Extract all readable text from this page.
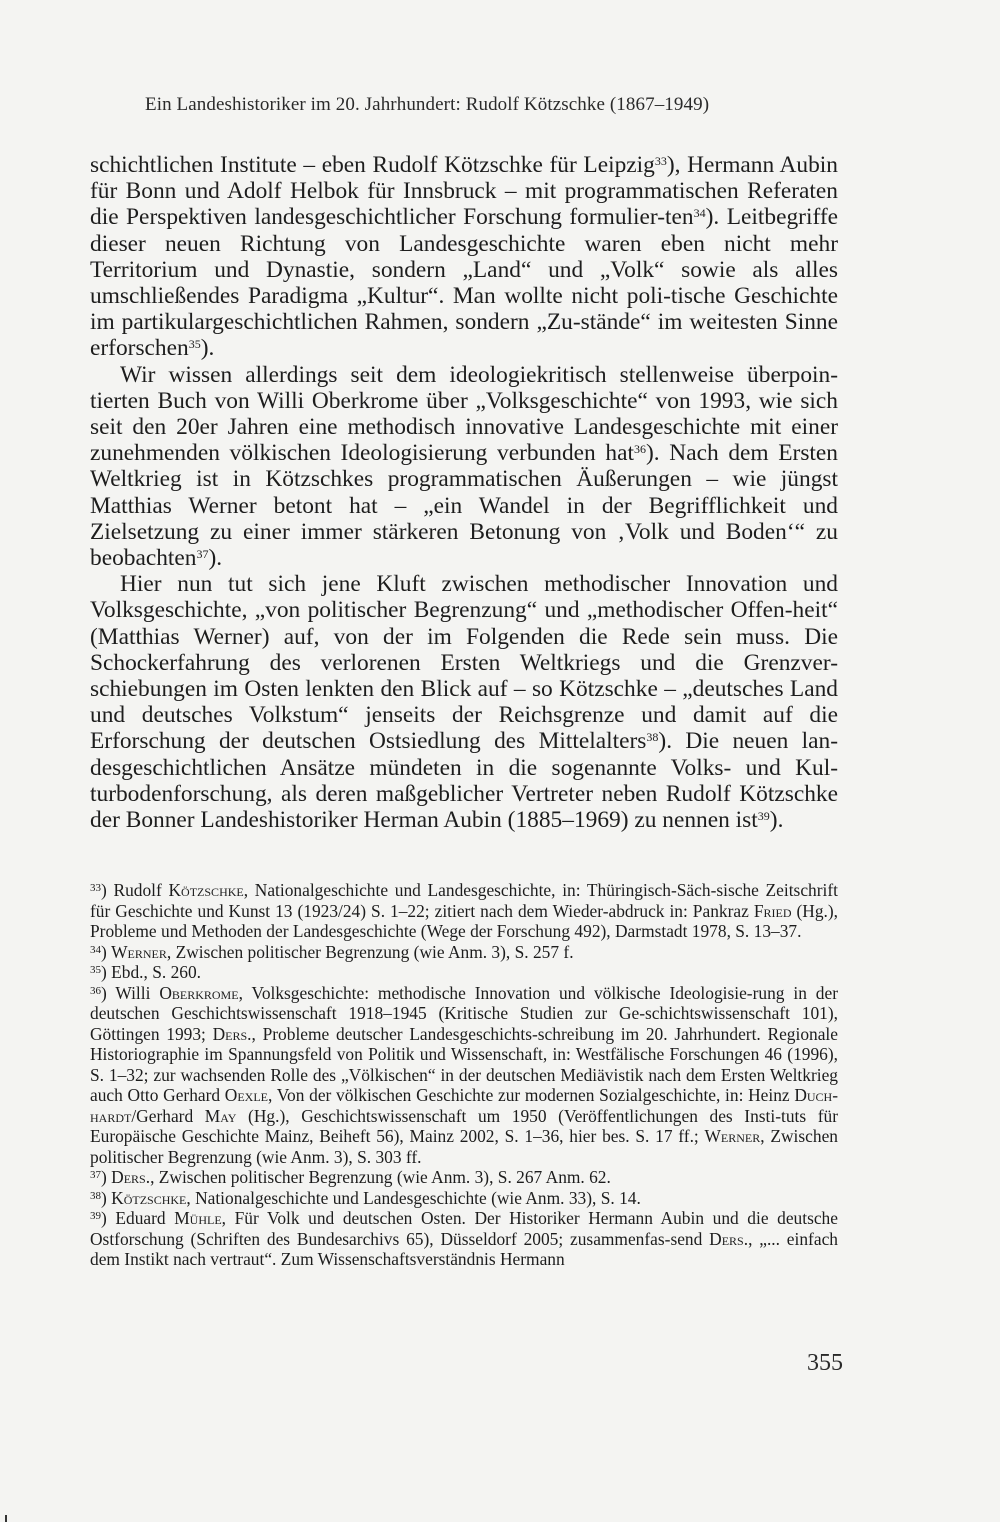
Ein Landeshistoriker im 20. Jahrhundert: Rudolf Kötzschke (1867–1949)

schichtlichen Institute – eben Rudolf Kötzschke für Leipzig$^{33}$), Hermann Aubin für Bonn und Adolf Helbok für Innsbruck – mit programmatischen Referaten die Perspektiven landesgeschichtlicher Forschung formulier-ten$^{34}$). Leitbegriffe dieser neuen Richtung von Landesgeschichte waren eben nicht mehr Territorium und Dynastie, sondern „Land“ und „Volk“ sowie als alles umschließendes Paradigma „Kultur“. Man wollte nicht poli-tische Geschichte im partikulargeschichtlichen Rahmen, sondern „Zu-stände“ im weitesten Sinne erforschen$^{35}$).

Wir wissen allerdings seit dem ideologiekritisch stellenweise überpoin-tierten Buch von Willi Oberkrome über „Volksgeschichte“ von 1993, wie sich seit den 20er Jahren eine methodisch innovative Landesgeschichte mit einer zunehmenden völkischen Ideologisierung verbunden hat$^{36}$). Nach dem Ersten Weltkrieg ist in Kötzschkes programmatischen Äußerungen – wie jüngst Matthias Werner betont hat – „ein Wandel in der Begrifflichkeit und Zielsetzung zu einer immer stärkeren Betonung von ‚Volk und Boden‘“ zu beobachten$^{37}$).

Hier nun tut sich jene Kluft zwischen methodischer Innovation und Volksgeschichte, „von politischer Begrenzung“ und „methodischer Offen-heit“ (Matthias Werner) auf, von der im Folgenden die Rede sein muss. Die Schockerfahrung des verlorenen Ersten Weltkriegs und die Grenzver-schiebungen im Osten lenkten den Blick auf – so Kötzschke – „deutsches Land und deutsches Volkstum“ jenseits der Reichsgrenze und damit auf die Erforschung der deutschen Ostsiedlung des Mittelalters$^{38}$). Die neuen lan-desgeschichtlichen Ansätze mündeten in die sogenannte Volks- und Kul-turbodenforschung, als deren maßgeblicher Vertreter neben Rudolf Kötzschke der Bonner Landeshistoriker Herman Aubin (1885–1969) zu nennen ist$^{39}$).

$^{33}$) Rudolf Kötzschke, Nationalgeschichte und Landesgeschichte, in: Thüringisch-Säch-sische Zeitschrift für Geschichte und Kunst 13 (1923/24) S. 1–22; zitiert nach dem Wieder-abdruck in: Pankraz Fried (Hg.), Probleme und Methoden der Landesgeschichte (Wege der Forschung 492), Darmstadt 1978, S. 13–37.

$^{34}$) Werner, Zwischen politischer Begrenzung (wie Anm. 3), S. 257 f.

$^{35}$) Ebd., S. 260.

$^{36}$) Willi Oberkrome, Volksgeschichte: methodische Innovation und völkische Ideologisie-rung in der deutschen Geschichtswissenschaft 1918–1945 (Kritische Studien zur Ge-schichtswissenschaft 101), Göttingen 1993; Ders., Probleme deutscher Landesgeschichts-schreibung im 20. Jahrhundert. Regionale Historiographie im Spannungsfeld von Politik und Wissenschaft, in: Westfälische Forschungen 46 (1996), S. 1–32; zur wachsenden Rolle des „Völkischen“ in der deutschen Mediävistik nach dem Ersten Weltkrieg auch Otto Gerhard Oexle, Von der völkischen Geschichte zur modernen Sozialgeschichte, in: Heinz Duch-hardt/Gerhard May (Hg.), Geschichtswissenschaft um 1950 (Veröffentlichungen des Insti-tuts für Europäische Geschichte Mainz, Beiheft 56), Mainz 2002, S. 1–36, hier bes. S. 17 ff.; Werner, Zwischen politischer Begrenzung (wie Anm. 3), S. 303 ff.

$^{37}$) Ders., Zwischen politischer Begrenzung (wie Anm. 3), S. 267 Anm. 62.

$^{38}$) Kötzschke, Nationalgeschichte und Landesgeschichte (wie Anm. 33), S. 14.

$^{39}$) Eduard Mühle, Für Volk und deutschen Osten. Der Historiker Hermann Aubin und die deutsche Ostforschung (Schriften des Bundesarchivs 65), Düsseldorf 2005; zusammenfas-send Ders., „... einfach dem Instikt nach vertraut“. Zum Wissenschaftsverständnis Hermann

355
